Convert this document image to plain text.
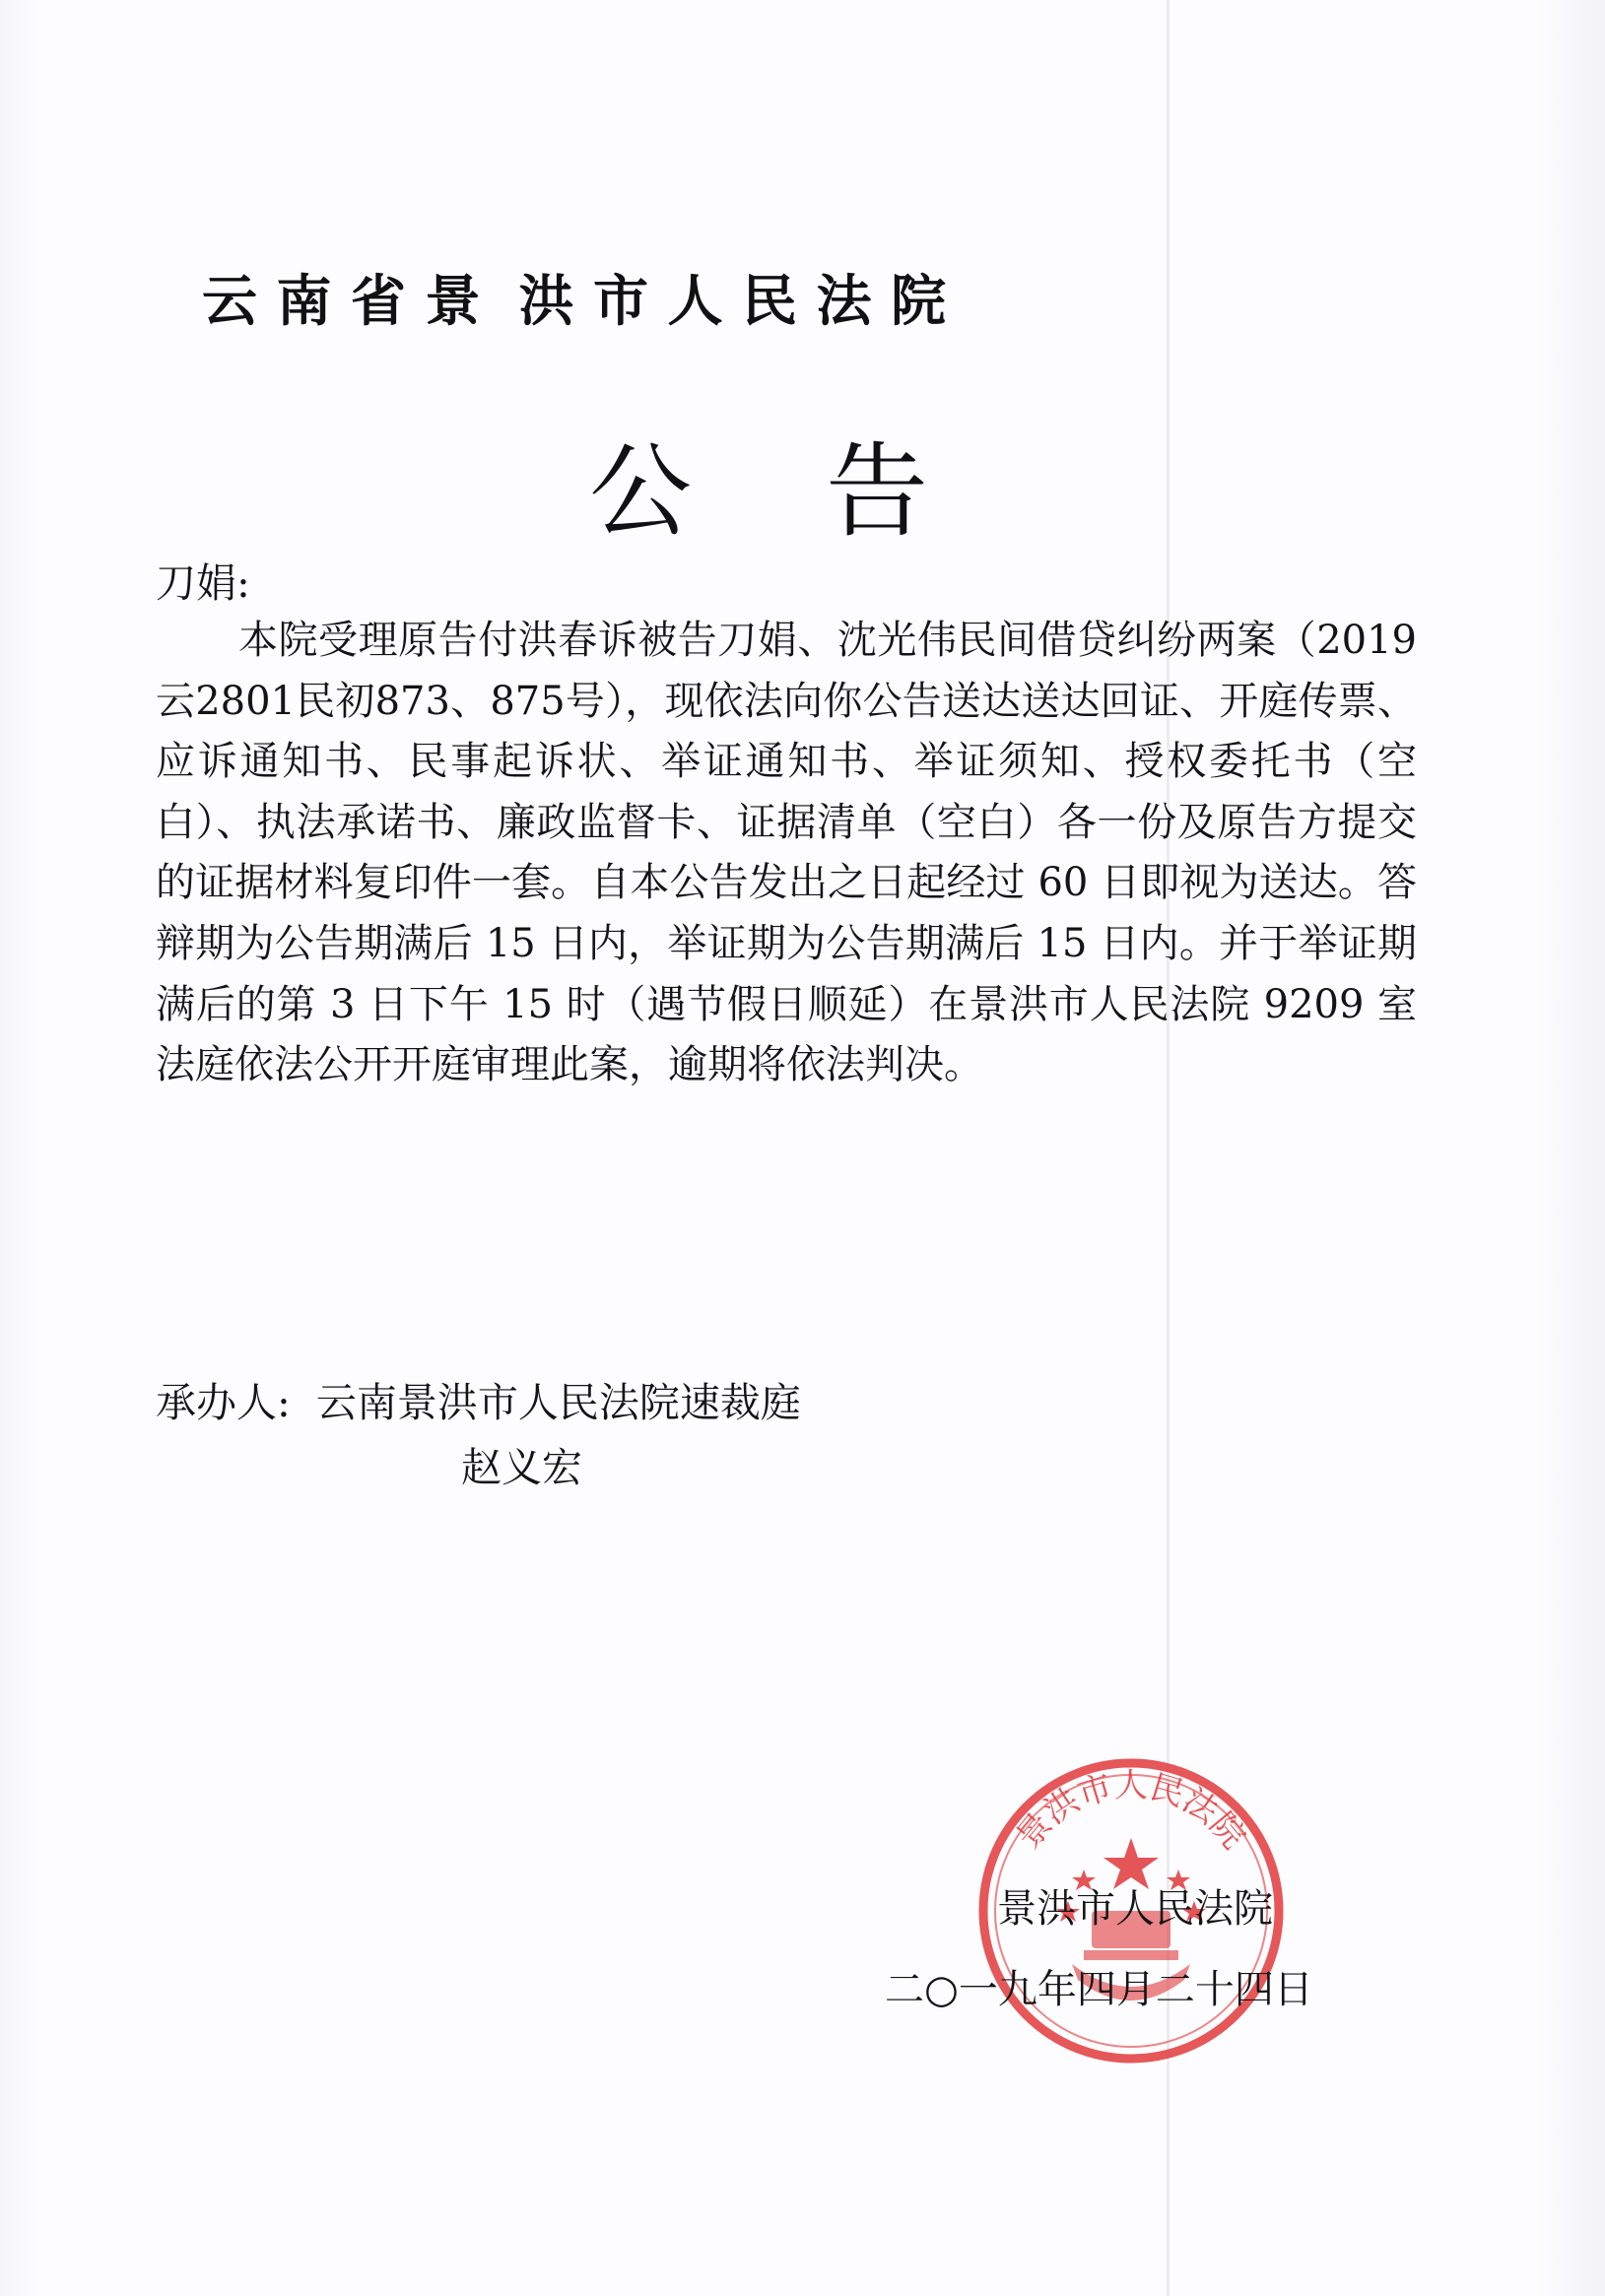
云 南 省 景  洪 市 人 民 法 院
公告
刀娟:
本院受理原告付洪春诉被告刀娟、沈光伟民间借贷纠纷两案（2019云2801民初873、875号），现依法向你公告送达送达回证、开庭传票、应诉通知书、民事起诉状、举证通知书、举证须知、授权委托书（空白）、执法承诺书、廉政监督卡、证据清单（空白）各一份及原告方提交的证据材料复印件一套。自本公告发出之日起经过 60 日即视为送达。答辩期为公告期满后 15 日内，举证期为公告期满后 15 日内。并于举证期满后的第 3 日下午 15 时（遇节假日顺延）在景洪市人民法院 9209 室法庭依法公开开庭审理此案，逾期将依法判决。
承办人:  云南景洪市人民法院速裁庭
赵义宏
景洪市人民法院
景洪市人民法院
二○一九年四月二十四日
